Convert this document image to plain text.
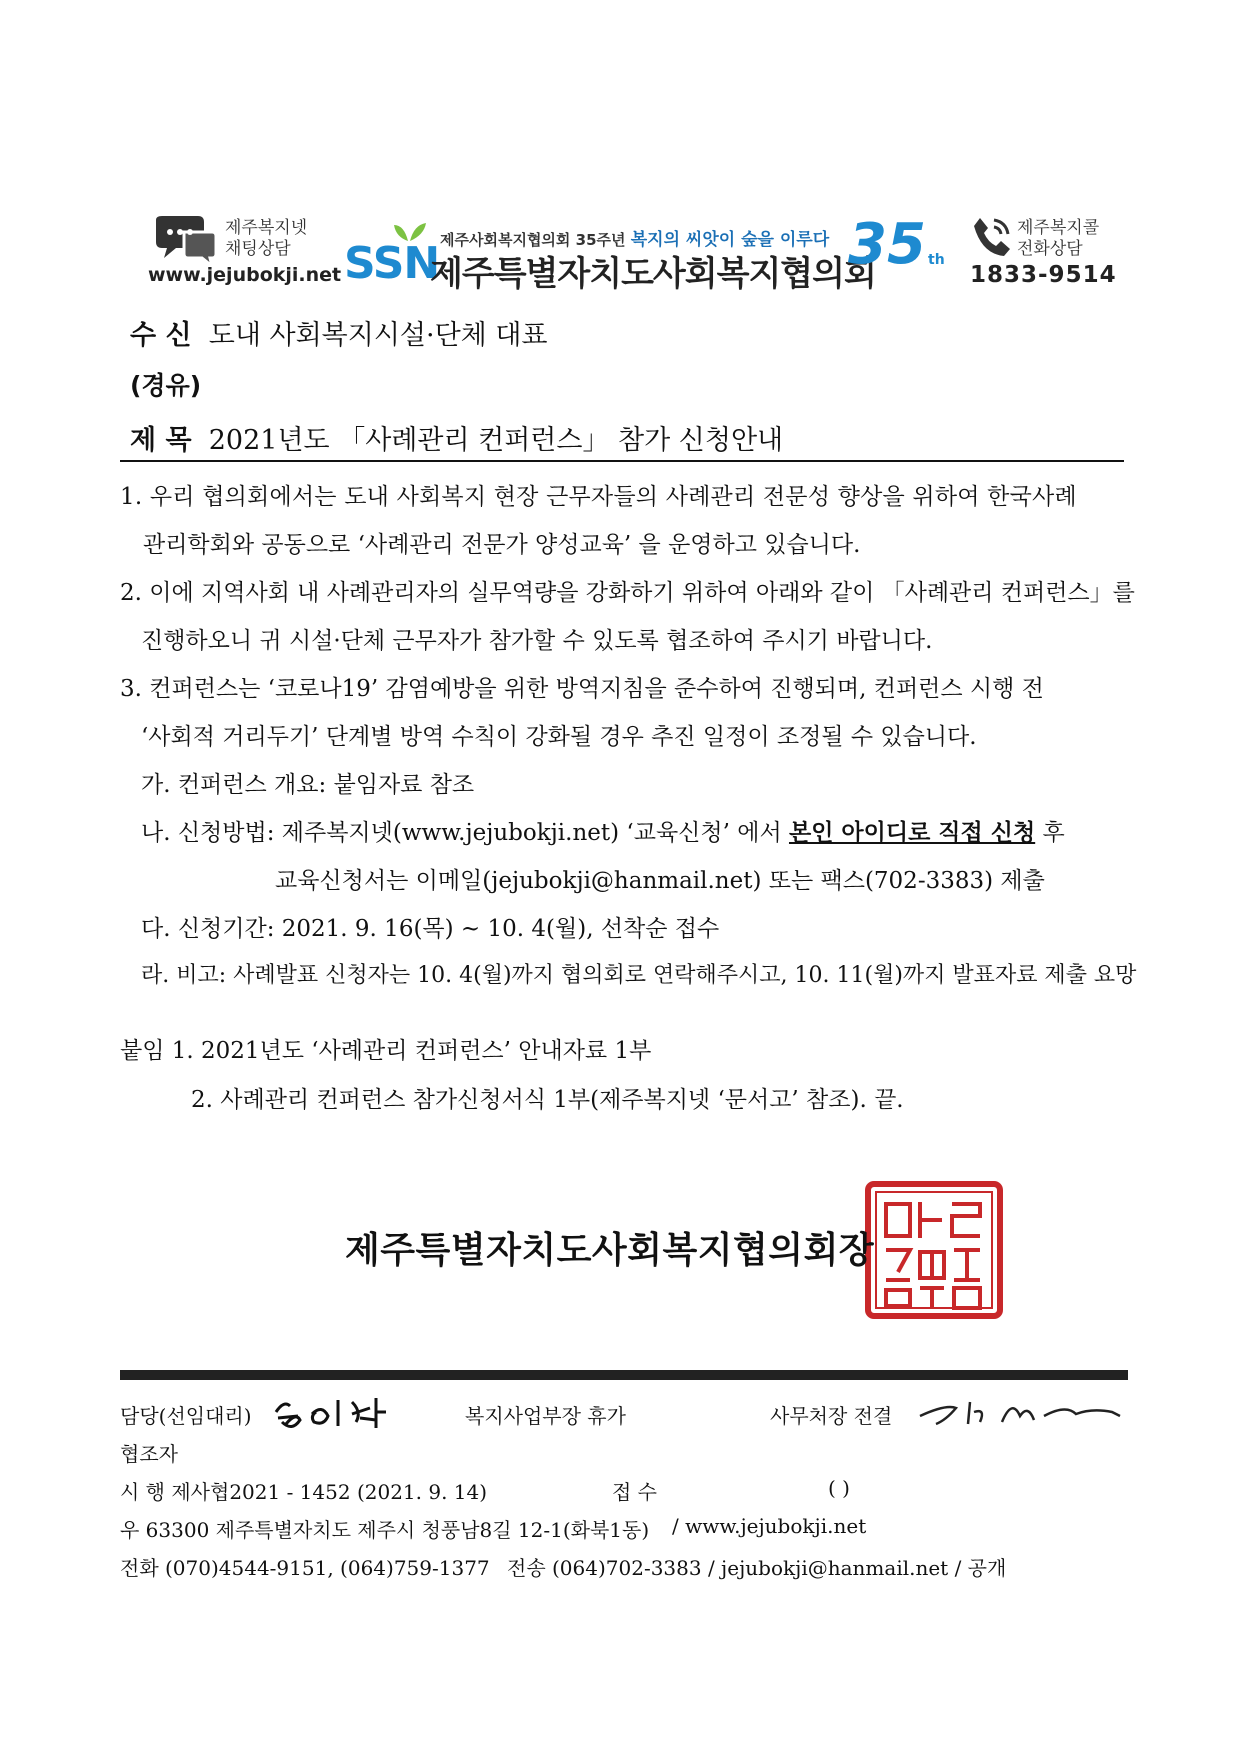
제주복지넷
채팅상담
www.jejubokji.net SSN 제주사회복지협의회 35주년 복지의 씨앗이 숲을 이루다
제주특별자치도사회복지협의회
35 th
제주복지콜
전화상담
1833-9514
수 신 도내 사회복지시설·단체 대표
(경유)
제 목 2021년도 「사례관리 컨퍼런스」 참가 신청안내
1. 우리 협의회에서는 도내 사회복지 현장 근무자들의 사례관리 전문성 향상을 위하여 한국사례
관리학회와 공동으로 ‘사례관리 전문가 양성교육’ 을 운영하고 있습니다.
2. 이에 지역사회 내 사례관리자의 실무역량을 강화하기 위하여 아래와 같이 「사례관리 컨퍼런스」를
진행하오니 귀 시설·단체 근무자가 참가할 수 있도록 협조하여 주시기 바랍니다.
3. 컨퍼런스는 ‘코로나19’ 감염예방을 위한 방역지침을 준수하여 진행되며, 컨퍼런스 시행 전
‘사회적 거리두기’ 단계별 방역 수칙이 강화될 경우 추진 일정이 조정될 수 있습니다.
가. 컨퍼런스 개요: 붙임자료 참조
나. 신청방법: 제주복지넷(www.jejubokji.net) ‘교육신청’ 에서 본인 아이디로 직접 신청 후
교육신청서는 이메일(jejubokji@hanmail.net) 또는 팩스(702-3383) 제출
다. 신청기간: 2021. 9. 16(목) ~ 10. 4(월), 선착순 접수
라. 비고: 사례발표 신청자는 10. 4(월)까지 협의회로 연락해주시고, 10. 11(월)까지 발표자료 제출 요망
붙임 1. 2021년도 ‘사례관리 컨퍼런스’ 안내자료 1부
2. 사례관리 컨퍼런스 참가신청서식 1부(제주복지넷 ‘문서고’ 참조). 끝.
제주특별자치도사회복지협의회장
담당(선임대리)	복지사업부장 휴가	사무처장 전결
협조자
시 행 제사협2021 - 1452 (2021. 9. 14)	접 수	( )
우 63300 제주특별자치도 제주시 청풍남8길 12-1(화북1동) / www.jejubokji.net
전화 (070)4544-9151, (064)759-1377 전송 (064)702-3383 / jejubokji@hanmail.net / 공개
